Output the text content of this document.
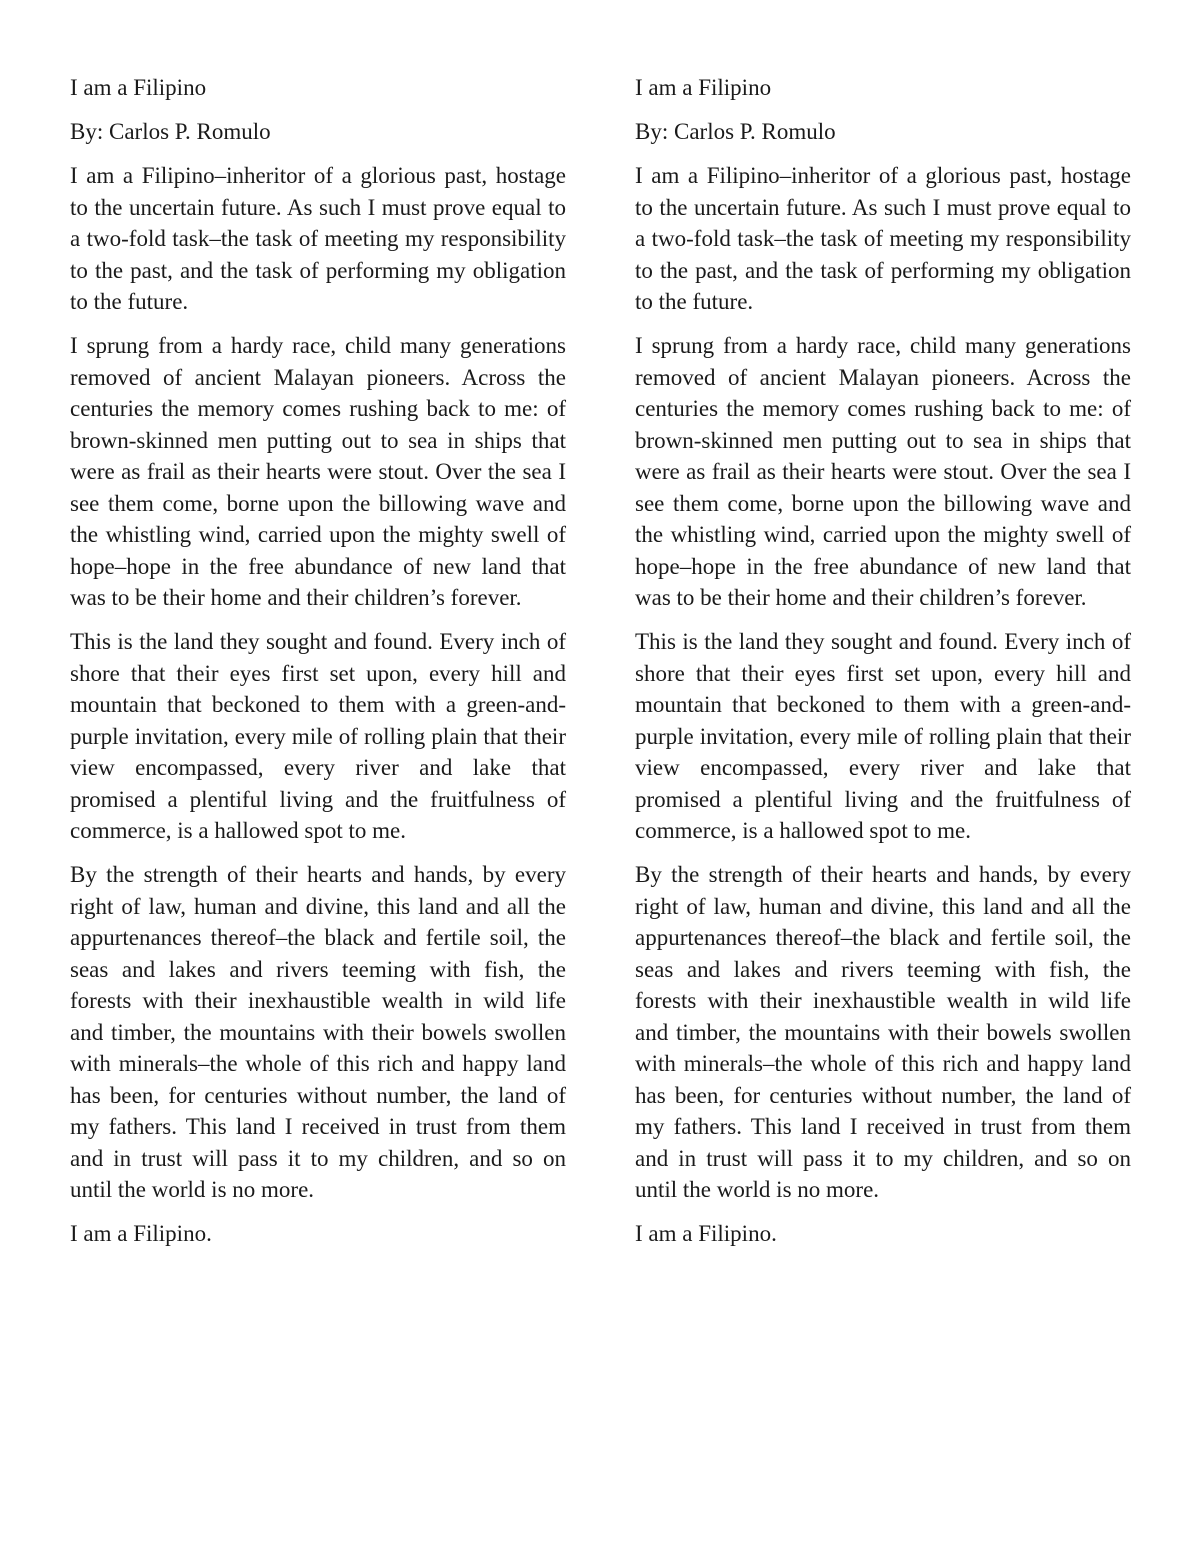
I am a Filipino

By: Carlos P. Romulo

I am a Filipino–inheritor of a glorious past, hostage to the uncertain future. As such I must prove equal to a two-fold task–the task of meeting my responsibility to the past, and the task of performing my obligation to the future.

I sprung from a hardy race, child many generations removed of ancient Malayan pioneers. Across the centuries the memory comes rushing back to me: of brown-skinned men putting out to sea in ships that were as frail as their hearts were stout. Over the sea I see them come, borne upon the billowing wave and the whistling wind, carried upon the mighty swell of hope–hope in the free abundance of new land that was to be their home and their children’s forever.

This is the land they sought and found. Every inch of shore that their eyes first set upon, every hill and mountain that beckoned to them with a green-and-purple invitation, every mile of rolling plain that their view encompassed, every river and lake that promised a plentiful living and the fruitfulness of commerce, is a hallowed spot to me.

By the strength of their hearts and hands, by every right of law, human and divine, this land and all the appurtenances thereof–the black and fertile soil, the seas and lakes and rivers teeming with fish, the forests with their inexhaustible wealth in wild life and timber, the mountains with their bowels swollen with minerals–the whole of this rich and happy land has been, for centuries without number, the land of my fathers. This land I received in trust from them and in trust will pass it to my children, and so on until the world is no more.

I am a Filipino.

I am a Filipino

By: Carlos P. Romulo

I am a Filipino–inheritor of a glorious past, hostage to the uncertain future. As such I must prove equal to a two-fold task–the task of meeting my responsibility to the past, and the task of performing my obligation to the future.

I sprung from a hardy race, child many generations removed of ancient Malayan pioneers. Across the centuries the memory comes rushing back to me: of brown-skinned men putting out to sea in ships that were as frail as their hearts were stout. Over the sea I see them come, borne upon the billowing wave and the whistling wind, carried upon the mighty swell of hope–hope in the free abundance of new land that was to be their home and their children’s forever.

This is the land they sought and found. Every inch of shore that their eyes first set upon, every hill and mountain that beckoned to them with a green-and-purple invitation, every mile of rolling plain that their view encompassed, every river and lake that promised a plentiful living and the fruitfulness of commerce, is a hallowed spot to me.

By the strength of their hearts and hands, by every right of law, human and divine, this land and all the appurtenances thereof–the black and fertile soil, the seas and lakes and rivers teeming with fish, the forests with their inexhaustible wealth in wild life and timber, the mountains with their bowels swollen with minerals–the whole of this rich and happy land has been, for centuries without number, the land of my fathers. This land I received in trust from them and in trust will pass it to my children, and so on until the world is no more.

I am a Filipino.
